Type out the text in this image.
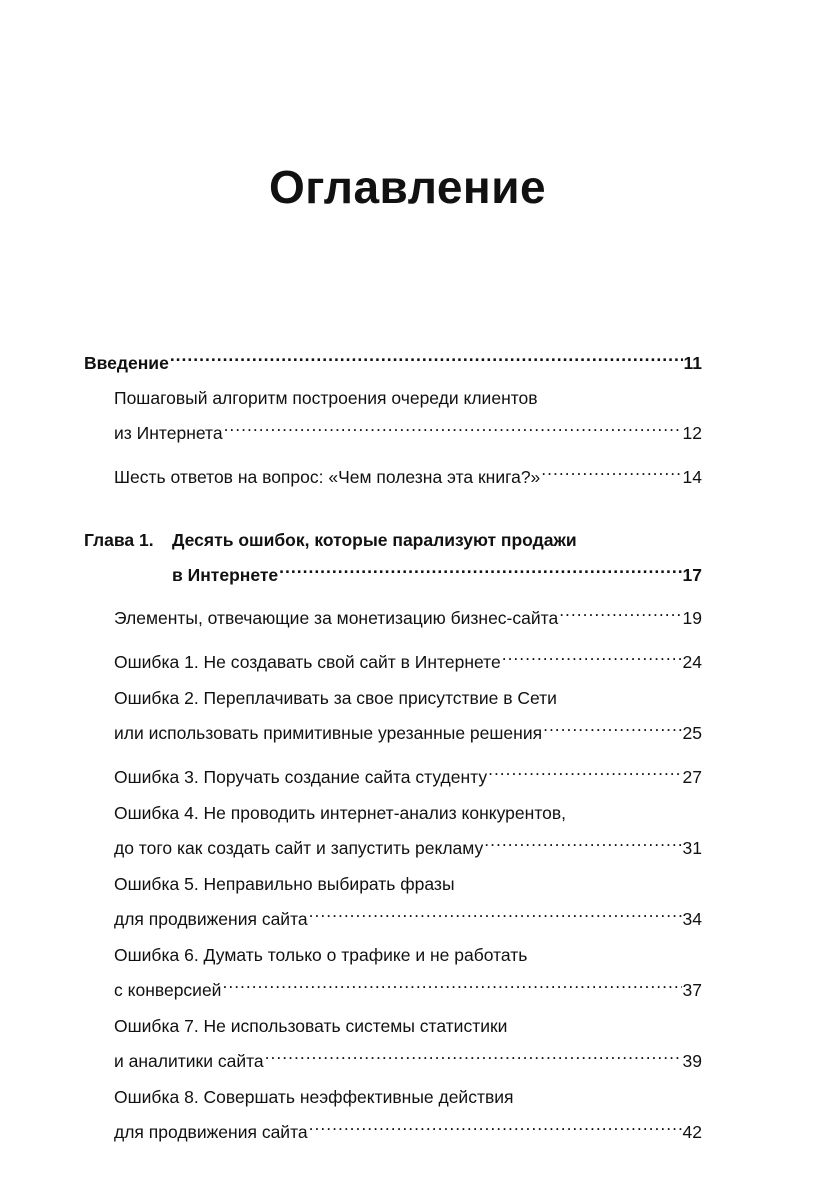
Оглавление
Введение .....	11
Пошаговый алгоритм построения очереди клиентов
из Интернета .....	12
Шесть ответов на вопрос: «Чем полезна эта книга?» .....	14
Глава 1.	Десять ошибок, которые парализуют продажи
в Интернете .....	17
Элементы, отвечающие за монетизацию бизнес-сайта .....	19
Ошибка 1. Не создавать свой сайт в Интернете .....	24
Ошибка 2. Переплачивать за свое присутствие в Сети
или использовать примитивные урезанные решения .....	25
Ошибка 3. Поручать создание сайта студенту .....	27
Ошибка 4. Не проводить интернет-анализ конкурентов,
до того как создать сайт и запустить рекламу .....	31
Ошибка 5. Неправильно выбирать фразы
для продвижения сайта .....	34
Ошибка 6. Думать только о трафике и не работать
с конверсией .....	37
Ошибка 7. Не использовать системы статистики
и аналитики сайта .....	39
Ошибка 8. Совершать неэффективные действия
для продвижения сайта .....	42
